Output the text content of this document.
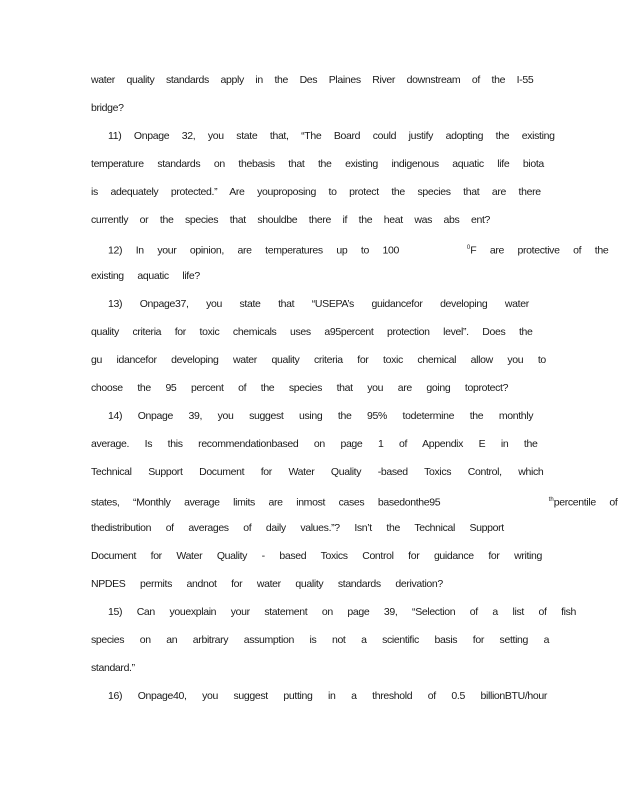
water quality standards apply in the Des Plaines River downstream of the I-55
bridge?
11) Onpage 32, you state that, “The Board could justify adopting the existing
temperature standards on thebasis that the existing indigenous aquatic life biota
is adequately protected.” Are youproposing to protect the species that are there
currently or the species that shouldbe there if the heat was abs ent?
12) In your opinion, are temperatures up to 100	$^0$F are protective of the
existing aquatic life?
13) Onpage37, you state that “USEPA’s guidancefor developing water
quality criteria for toxic chemicals uses a95percent protection level”. Does the
gu idancefor developing water quality criteria for toxic chemical allow you to
choose the 95 percent of the species that you are going toprotect?
14) Onpage 39, you suggest using the 95% todetermine the monthly
average. Is this recommendationbased on page 1 of Appendix E in the
Technical Support Document for Water Quality -based Toxics Control, which
states, “Monthly average limits are inmost cases basedonthe95	$^{th}$percentile of
thedistribution of averages of daily values.”? Isn’t the Technical Support
Document for Water Quality - based Toxics Control for guidance for writing
NPDES permits andnot for water quality standards derivation?
15) Can youexplain your statement on page 39, “Selection of a list of fish
species on an arbitrary assumption is not a scientific basis for setting a
standard.”
16) Onpage40, you suggest putting in a threshold of 0.5 billionBTU/hour
